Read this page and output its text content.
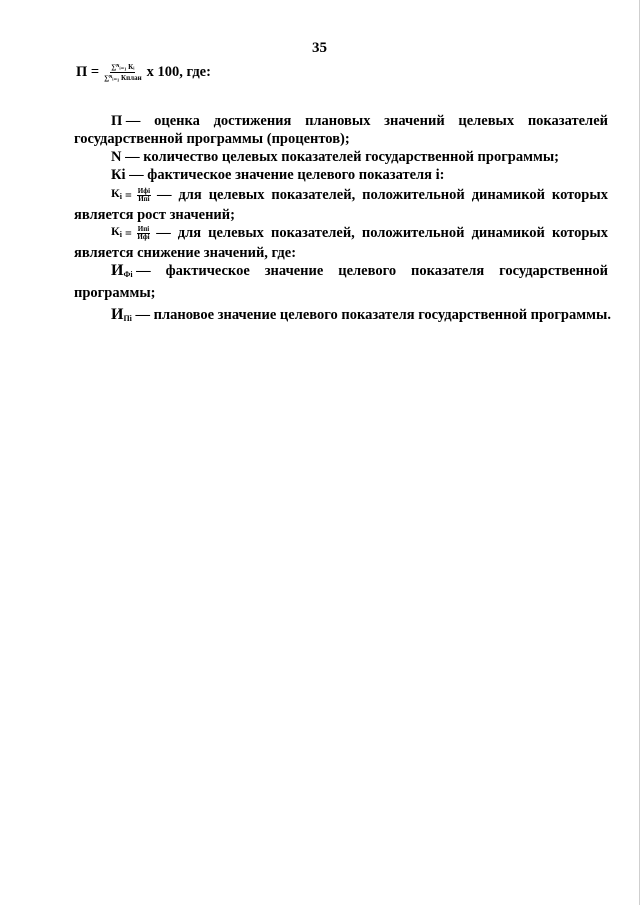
35
$П = \frac{\text{∑ᴺᵢ₌₁ Кᵢ}}{\text{∑ᴺᵢ₌₁ Кплан}}$ x 100, где:
П — оценка достижения плановых значений целевых показателей
государственной программы (процентов);
N — количество целевых показателей государственной программы;
Кi — фактическое значение целевого показателя i:
$К_i = \frac{\text{Ифi}}{\text{Ипi}}$ — для целевых показателей, положительной динамикой которых
является рост значений;
$К_i = \frac{\text{Ипi}}{\text{Ифi}}$ — для целевых показателей, положительной динамикой которых
является снижение значений, где:
$И_{Фi}$ — фактическое значение целевого показателя государственной
программы;
$И_{Пi}$ — плановое значение целевого показателя государственной программы.
